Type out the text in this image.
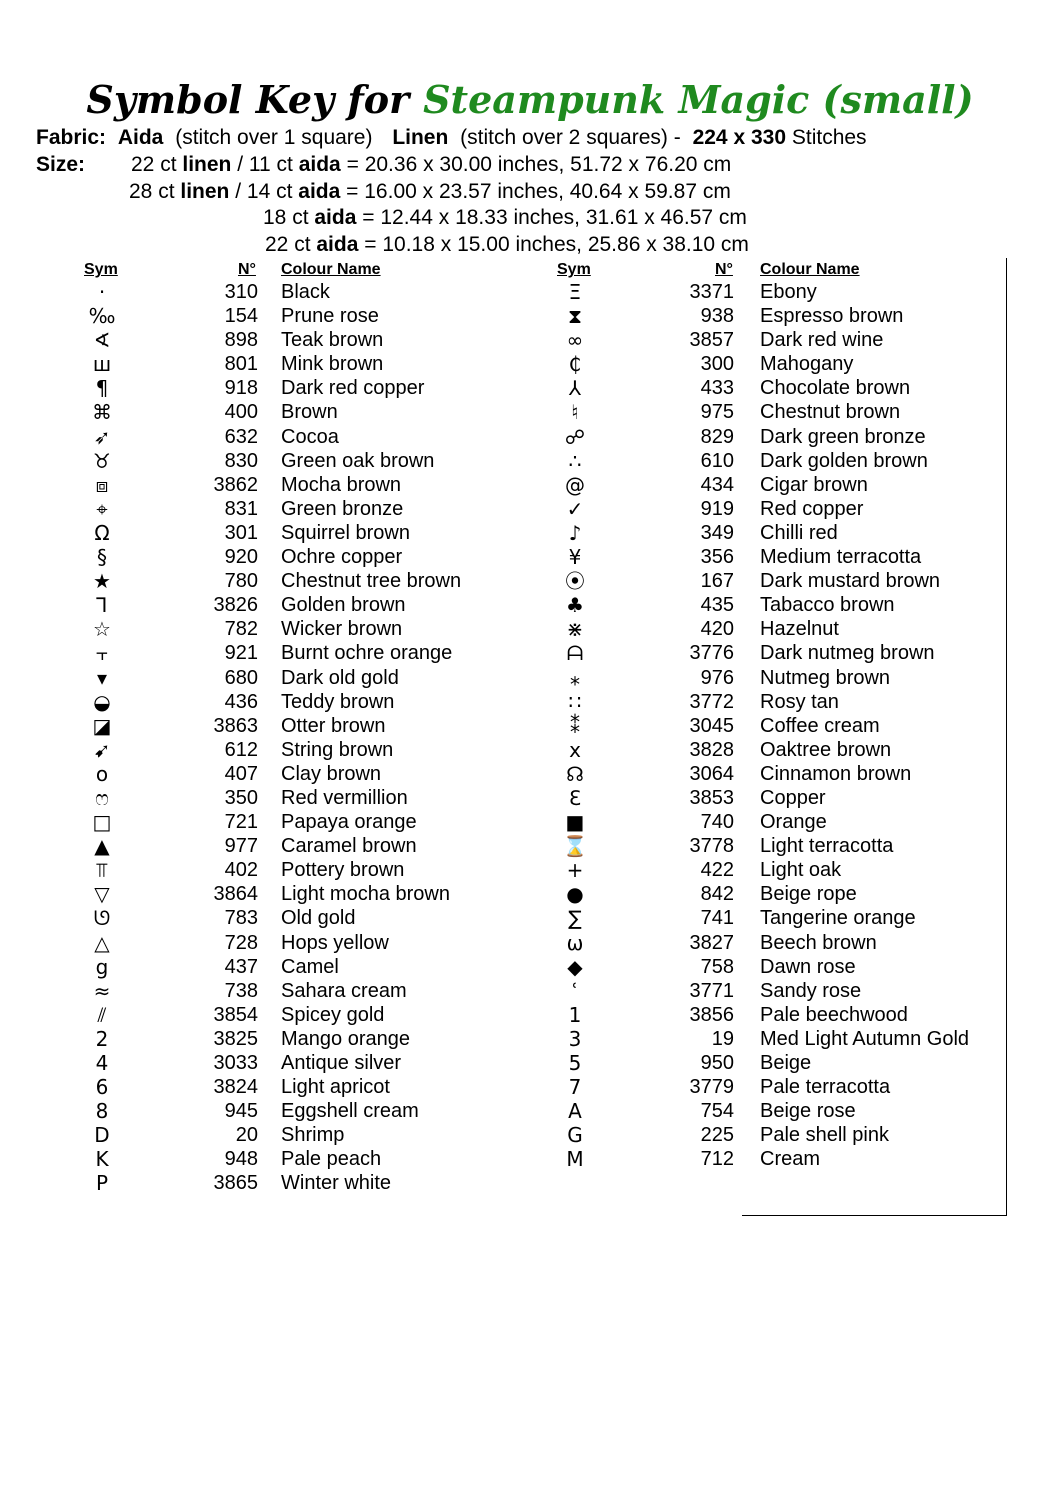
Symbol Key for Steampunk Magic (small)
Fabric: Aida (stitch over 1 square) Linen (stitch over 2 squares) - 224 x 330 Stitches
Size: 22 ct linen / 11 ct aida = 20.36 x 30.00 inches, 51.72 x 76.20 cm
28 ct linen / 14 ct aida = 16.00 x 23.57 inches, 40.64 x 59.87 cm
18 ct aida = 12.44 x 18.33 inches, 31.61 x 46.57 cm
22 ct aida = 10.18 x 15.00 inches, 25.86 x 38.10 cm
Sym	N° Colour Name	Sym	N° Colour Name
·	310 Black
‰	154 Prune rose
∢	898 Teak brown
ш	801 Mink brown
¶	918 Dark red copper
⌘	400 Brown
➶	632 Cocoa
♉	830 Green oak brown
⧈	3862 Mocha brown
⌖	831 Green bronze
Ω	301 Squirrel brown
§	920 Ochre copper
★	780 Chestnut tree brown
⅂	3826 Golden brown
☆	782 Wicker brown
⫟	921 Burnt ochre orange
▾	680 Dark old gold
◒	436 Teddy brown
◪	3863 Otter brown
➹	612 String brown
o	407 Clay brown
ෆ	350 Red vermillion
□	721 Papaya orange
▲	977 Caramel brown
⫪	402 Pottery brown
▽	3864 Light mocha brown
ᘎ	783 Old gold
△	728 Hops yellow
g	437 Camel
≈	738 Sahara cream
⫽	3854 Spicey gold
2	3825 Mango orange
4	3033 Antique silver
6	3824 Light apricot
8	945 Eggshell cream
D	20 Shrimp
K	948 Pale peach
P	3865 Winter white
Ξ	3371 Ebony
⧗	938 Espresso brown
∞	3857 Dark red wine
₵	300 Mahogany
⅄	433 Chocolate brown
♮	975 Chestnut brown
☍	829 Dark green bronze
∴	610 Dark golden brown
@	434 Cigar brown
✓	919 Red copper
♪	349 Chilli red
¥	356 Medium terracotta
⦿	167 Dark mustard brown
♣	435 Tabacco brown
⋇	420 Hazelnut
ᗩ	3776 Dark nutmeg brown
⁎	976 Nutmeg brown
∷	3772 Rosy tan
⁑	3045 Coffee cream
x	3828 Oaktree brown
☊	3064 Cinnamon brown
ℇ	3853 Copper
■	740 Orange
⌛	3778 Light terracotta
+	422 Light oak
●	842 Beige rope
∑	741 Tangerine orange
ω	3827 Beech brown
◆	758 Dawn rose
ʿ	3771 Sandy rose
1	3856 Pale beechwood
3	19 Med Light Autumn Gold
5	950 Beige
7	3779 Pale terracotta
A	754 Beige rose
G	225 Pale shell pink
M	712 Cream
